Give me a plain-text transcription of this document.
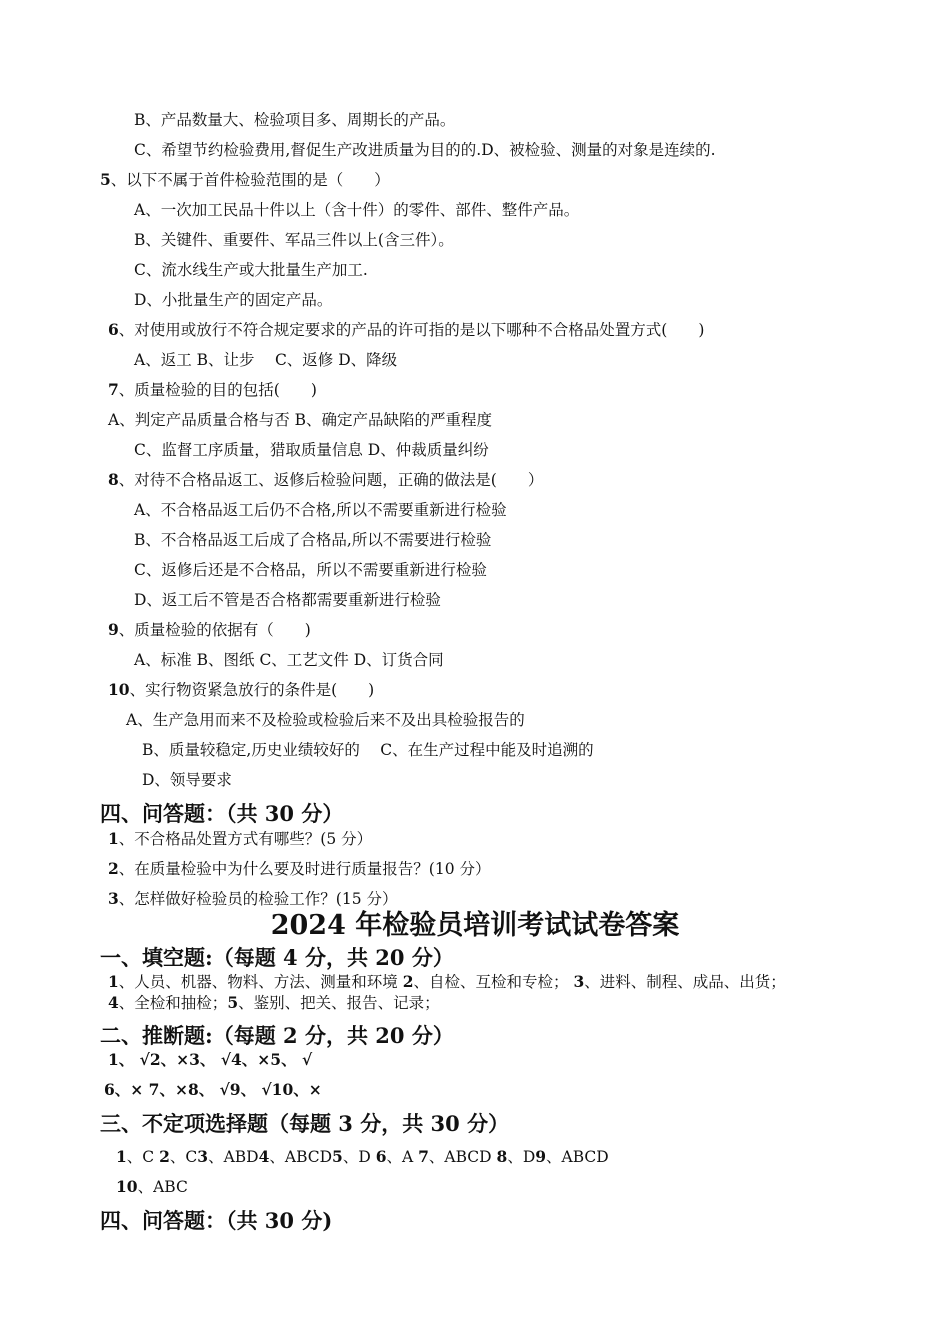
B、产品数量大、检验项目多、周期长的产品。
C、希望节约检验费用,督促生产改进质量为目的的.D、被检验、测量的对象是连续的.
5、以下不属于首件检验范围的是（　　）
A、一次加工民品十件以上（含十件）的零件、部件、整件产品。
B、关键件、重要件、军品三件以上(含三件）。
C、流水线生产或大批量生产加工.
D、小批量生产的固定产品。
6、对使用或放行不符合规定要求的产品的许可指的是以下哪种不合格品处置方式(　　)
A、返工 B、让步　 C、返修 D、降级
7、质量检验的目的包括(　　)
A、判定产品质量合格与否 B、确定产品缺陷的严重程度
C、监督工序质量，猎取质量信息 D、仲裁质量纠纷
8、对待不合格品返工、返修后检验问题，正确的做法是(　　）
A、不合格品返工后仍不合格,所以不需要重新进行检验
B、不合格品返工后成了合格品,所以不需要进行检验
C、返修后还是不合格品，所以不需要重新进行检验
D、返工后不管是否合格都需要重新进行检验
9、质量检验的依据有（　　)
A、标准 B、图纸 C、工艺文件 D、订货合同
10、实行物资紧急放行的条件是(　　)
A、生产急用而来不及检验或检验后来不及出具检验报告的
B、质量较稳定,历史业绩较好的　 C、在生产过程中能及时追溯的
D、领导要求
四、问答题：（共 30 分）
1、不合格品处置方式有哪些？(5 分）
2、在质量检验中为什么要及时进行质量报告？(10 分）
3、怎样做好检验员的检验工作？(15 分）
2024 年检验员培训考试试卷答案
一、填空题:（每题 4 分，共 20 分）
1、人员、机器、物料、方法、测量和环境 2、自检、互检和专检； 3、进料、制程、成品、出货；
4、全检和抽检；5、鉴别、把关、报告、记录；
二、推断题:（每题 2 分，共 20 分）
1、 √2、×3、 √4、×5、 √
6、× 7、×8、 √9、 √10、×
三、不定项选择题（每题 3 分，共 30 分）
1、C 2、C3、ABD4、ABCD5、D 6、A 7、ABCD 8、D9、ABCD
10、ABC
四、问答题：（共 30 分)
